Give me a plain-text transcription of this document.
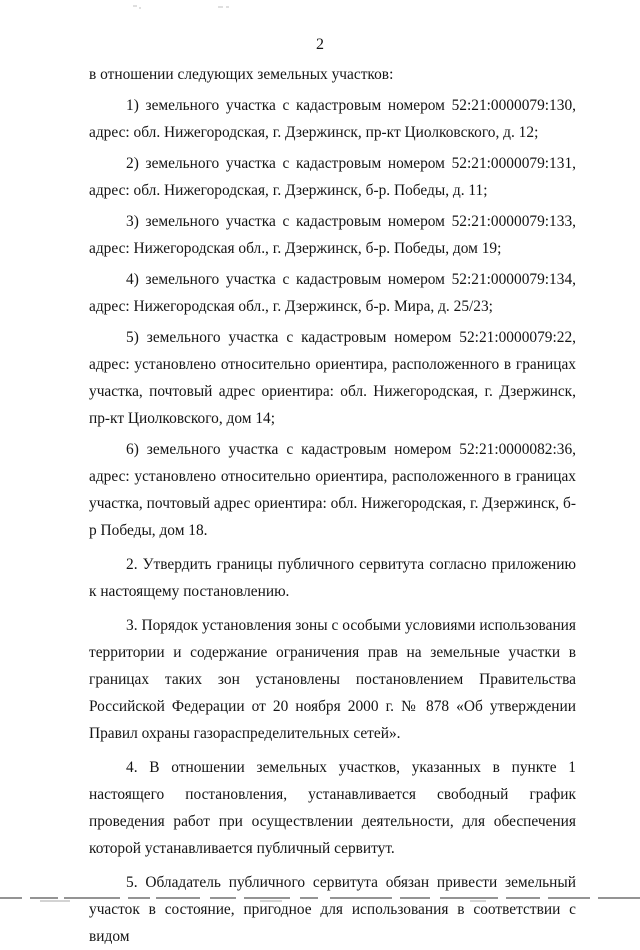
2

в отношении следующих земельных участков:

1) земельного участка с кадастровым номером 52:21:0000079:130, адрес: обл. Нижегородская, г. Дзержинск, пр-кт Циолковского, д. 12;

2) земельного участка с кадастровым номером 52:21:0000079:131, адрес: обл. Нижегородская, г. Дзержинск, б-р. Победы, д. 11;

3) земельного участка с кадастровым номером 52:21:0000079:133, адрес: Нижегородская обл., г. Дзержинск, б-р. Победы, дом 19;

4) земельного участка с кадастровым номером 52:21:0000079:134, адрес: Нижегородская обл., г. Дзержинск, б-р. Мира, д. 25/23;

5) земельного участка с кадастровым номером 52:21:0000079:22, адрес: установлено относительно ориентира, расположенного в границах участка, почтовый адрес ориентира: обл. Нижегородская, г. Дзержинск, пр-кт Циолковского, дом 14;

6) земельного участка с кадастровым номером 52:21:0000082:36, адрес: установлено относительно ориентира, расположенного в границах участка, почтовый адрес ориентира: обл. Нижегородская, г. Дзержинск, б-р Победы, дом 18.

2. Утвердить границы публичного сервитута согласно приложению к настоящему постановлению.

3. Порядок установления зоны с особыми условиями использования территории и содержание ограничения прав на земельные участки в границах таких зон установлены постановлением Правительства Российской Федерации от 20 ноября 2000 г. № 878 «Об утверждении Правил охраны газораспределительных сетей».

4. В отношении земельных участков, указанных в пункте 1 настоящего постановления, устанавливается свободный график проведения работ при осуществлении деятельности, для обеспечения которой устанавливается публичный сервитут.

5. Обладатель публичного сервитута обязан привести земельный участок в состояние, пригодное для использования в соответствии с видом
